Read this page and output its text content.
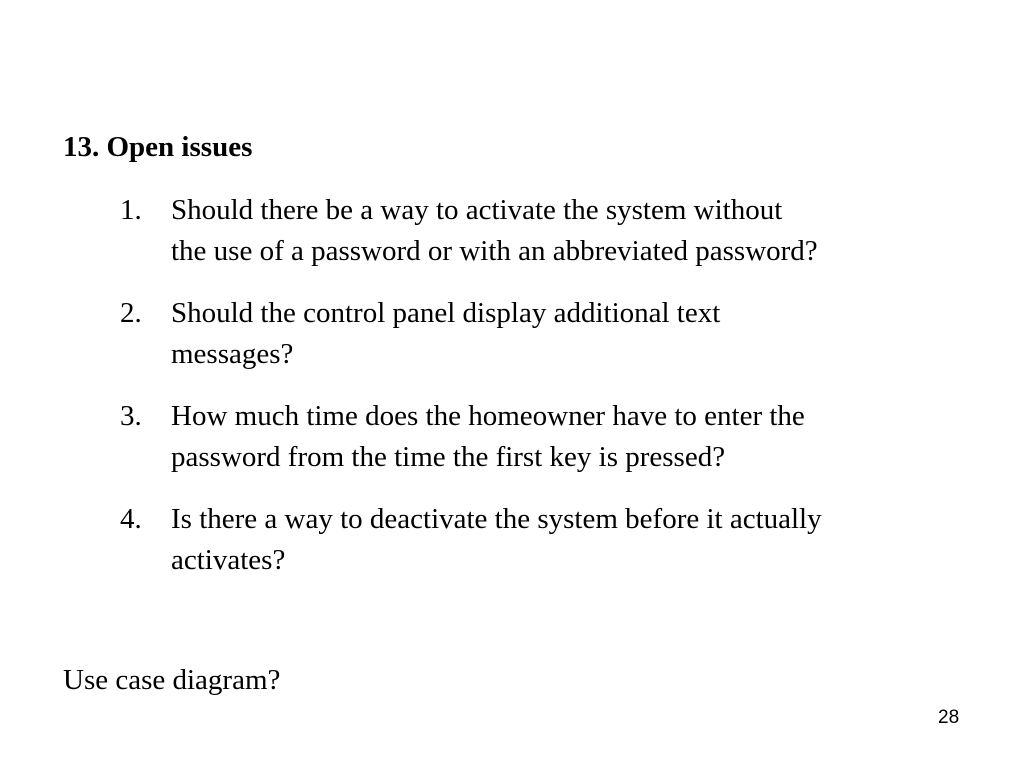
13. Open issues
1.	Should there be a way to activate the system without
the use of a password or with an abbreviated password?
2.	Should the control panel display additional text
messages?
3.	How much time does the homeowner have to enter the
password from the time the first key is pressed?
4.	Is there a way to deactivate the system before it actually
activates?
Use case diagram?
28
